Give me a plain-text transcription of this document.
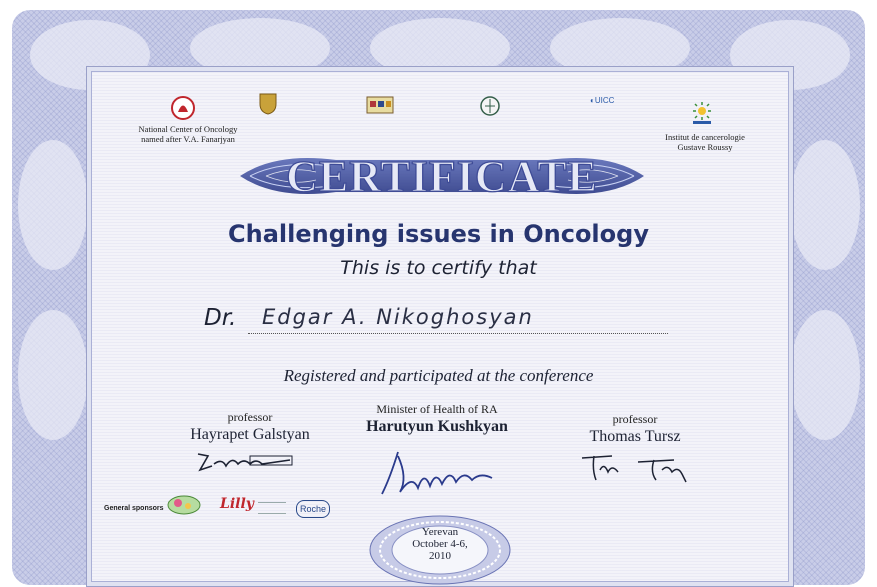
National Center of Oncology
named after V.A. Fanarjyan
◐UICC
Institut de cancerologie
Gustave Roussy
CERTIFICATE
Challenging issues in Oncology
This is to certify that
Dr. Edgar A. Nikoghosyan
Registered and participated at the conference
professor
Hayrapet Galstyan
Minister of Health of RA
Harutyun Kushkyan	professor
Thomas Tursz
General sponsors	Lilly	Roche
Yerevan
October 4-6,
2010
